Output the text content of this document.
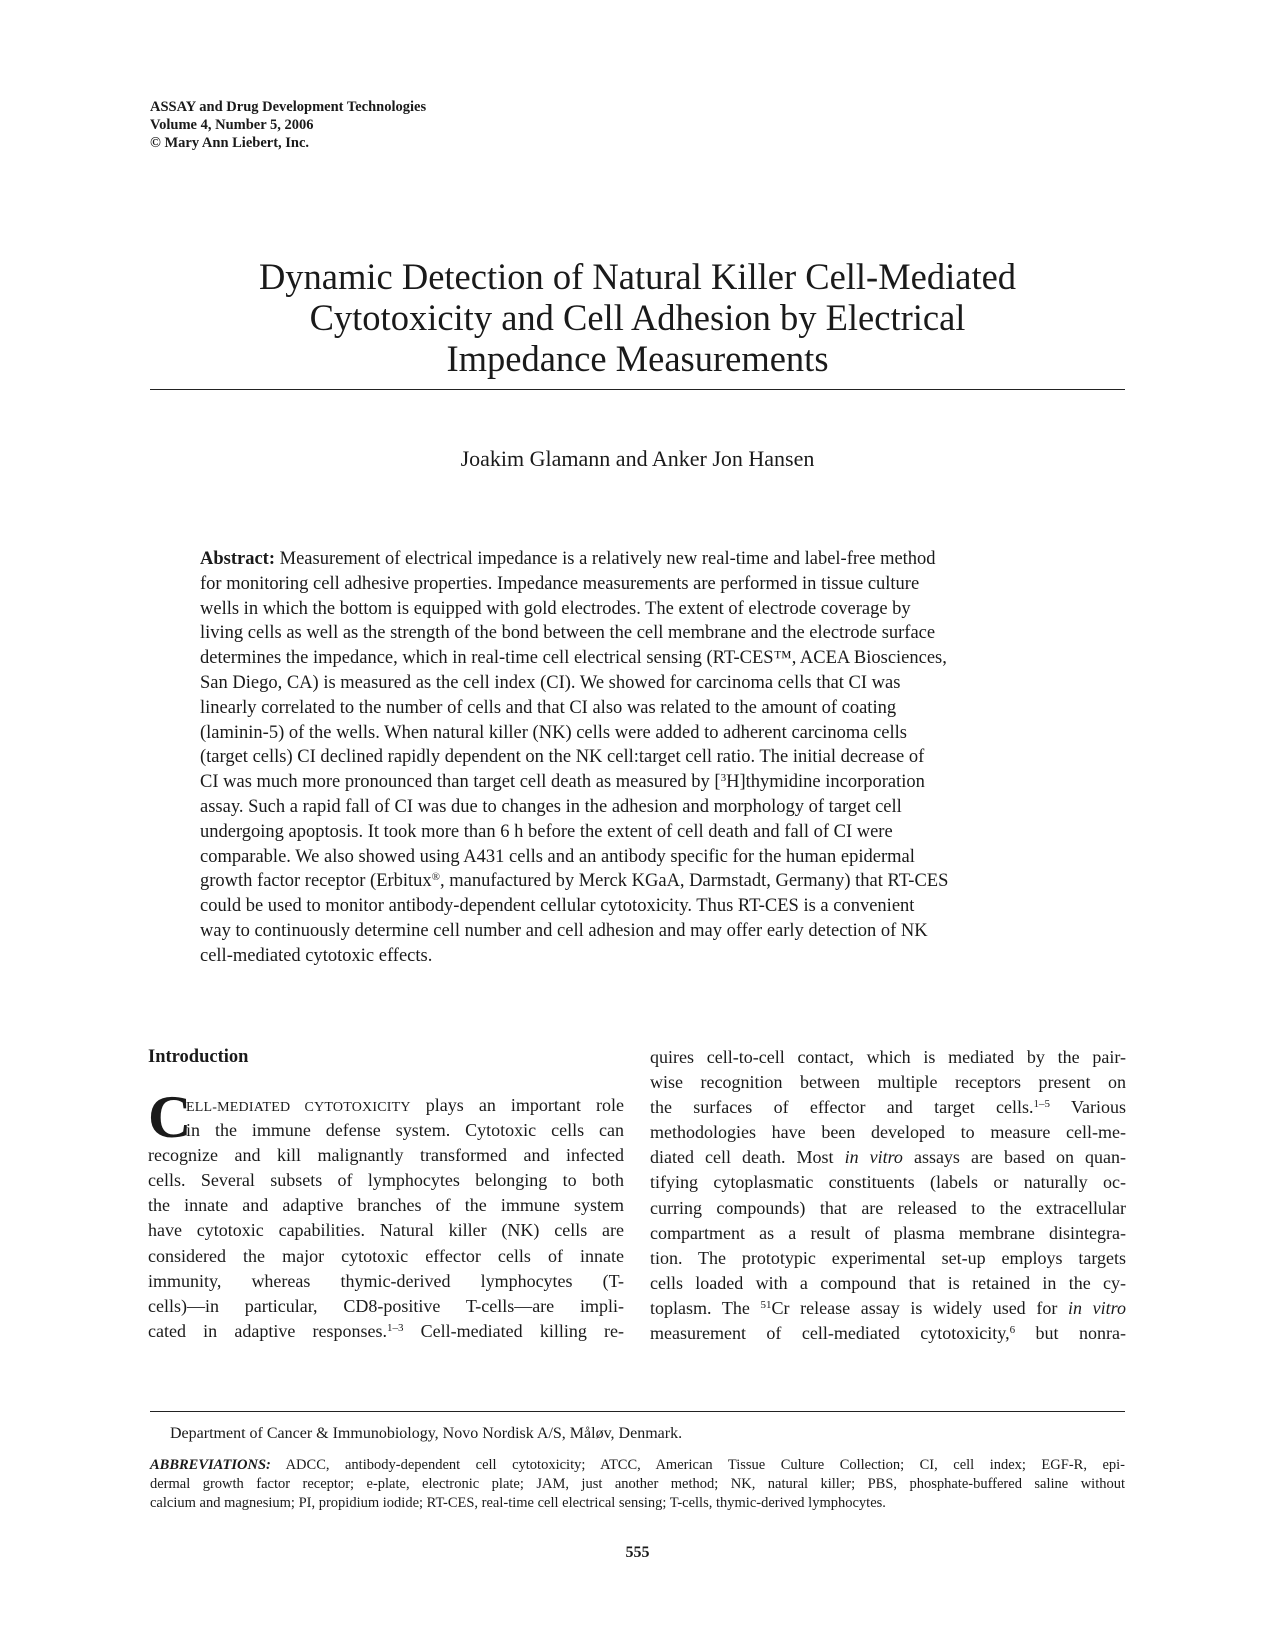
ASSAY and Drug Development Technologies
Volume 4, Number 5, 2006
© Mary Ann Liebert, Inc.
Dynamic Detection of Natural Killer Cell-Mediated
Cytotoxicity and Cell Adhesion by Electrical
Impedance Measurements
Joakim Glamann and Anker Jon Hansen
Abstract: Measurement of electrical impedance is a relatively new real-time and label-free method
for monitoring cell adhesive properties. Impedance measurements are performed in tissue culture
wells in which the bottom is equipped with gold electrodes. The extent of electrode coverage by
living cells as well as the strength of the bond between the cell membrane and the electrode surface
determines the impedance, which in real-time cell electrical sensing (RT-CES™, ACEA Biosciences,
San Diego, CA) is measured as the cell index (CI). We showed for carcinoma cells that CI was
linearly correlated to the number of cells and that CI also was related to the amount of coating
(laminin-5) of the wells. When natural killer (NK) cells were added to adherent carcinoma cells
(target cells) CI declined rapidly dependent on the NK cell:target cell ratio. The initial decrease of
CI was much more pronounced than target cell death as measured by [$^3$H]thymidine incorporation
assay. Such a rapid fall of CI was due to changes in the adhesion and morphology of target cell
undergoing apoptosis. It took more than 6 h before the extent of cell death and fall of CI were
comparable. We also showed using A431 cells and an antibody specific for the human epidermal
growth factor receptor (Erbitux®, manufactured by Merck KGaA, Darmstadt, Germany) that RT-CES
could be used to monitor antibody-dependent cellular cytotoxicity. Thus RT-CES is a convenient
way to continuously determine cell number and cell adhesion and may offer early detection of NK
cell-mediated cytotoxic effects.
Introduction
C
ELL-MEDIATED CYTOTOXICITY plays an important role
in the immune defense system. Cytotoxic cells can
recognize and kill malignantly transformed and infected
cells. Several subsets of lymphocytes belonging to both
the innate and adaptive branches of the immune system
have cytotoxic capabilities. Natural killer (NK) cells are
considered the major cytotoxic effector cells of innate
immunity, whereas thymic-derived lymphocytes (T-
cells)—in particular, CD8-positive T-cells—are impli-
cated in adaptive responses.$^{1-3}$ Cell-mediated killing re-
quires cell-to-cell contact, which is mediated by the pair-
wise recognition between multiple receptors present on
the surfaces of effector and target cells.$^{1-5}$ Various
methodologies have been developed to measure cell-me-
diated cell death. Most in vitro assays are based on quan-
tifying cytoplasmatic constituents (labels or naturally oc-
curring compounds) that are released to the extracellular
compartment as a result of plasma membrane disintegra-
tion. The prototypic experimental set-up employs targets
cells loaded with a compound that is retained in the cy-
toplasm. The $^{51}$Cr release assay is widely used for in vitro
measurement of cell-mediated cytotoxicity,$^6$ but nonra-
Department of Cancer & Immunobiology, Novo Nordisk A/S, Måløv, Denmark.
ABBREVIATIONS: ADCC, antibody-dependent cell cytotoxicity; ATCC, American Tissue Culture Collection; CI, cell index; EGF-R, epi-
dermal growth factor receptor; e-plate, electronic plate; JAM, just another method; NK, natural killer; PBS, phosphate-buffered saline without
calcium and magnesium; PI, propidium iodide; RT-CES, real-time cell electrical sensing; T-cells, thymic-derived lymphocytes.
555
